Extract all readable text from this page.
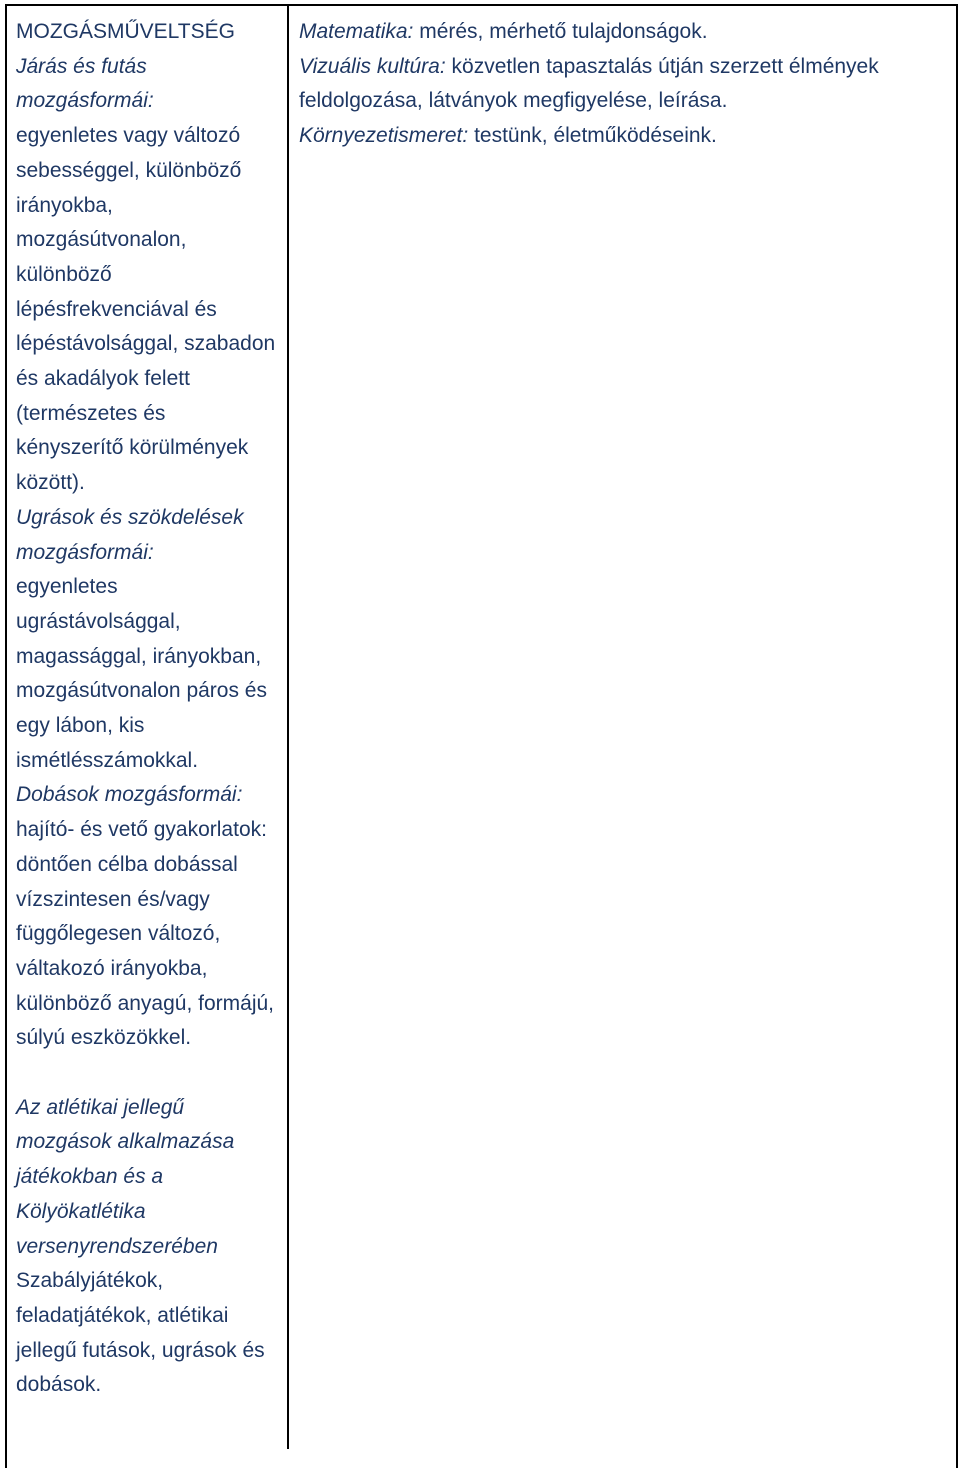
MOZGÁSMŰVELTSÉG

Járás és futás mozgásformái:

egyenletes vagy változó sebességgel, különböző irányokba, mozgásútvonalon, különböző lépésfrekvenciával és lépéstávolsággal, szabadon és akadályok felett (természetes és kényszerítő körülmények között).

Ugrások és szökdelések mozgásformái:

egyenletes ugrástávolsággal, magassággal, irányokban, mozgásútvonalon páros és egy lábon, kis ismétlésszámokkal.

Dobások mozgásformái:

hajító- és vető gyakorlatok: döntően célba dobással vízszintesen és/vagy függőlegesen változó, váltakozó irányokba, különböző anyagú, formájú, súlyú eszközökkel.

Az atlétikai jellegű mozgások alkalmazása játékokban és a Kölyökatlétika versenyrendszerében

Szabályjátékok, feladatjátékok, atlétikai jellegű futások, ugrások és dobások.

Matematika: mérés, mérhető tulajdonságok.

Vizuális kultúra: közvetlen tapasztalás útján szerzett élmények feldolgozása, látványok megfigyelése, leírása.

Környezetismeret: testünk, életműködéseink.
